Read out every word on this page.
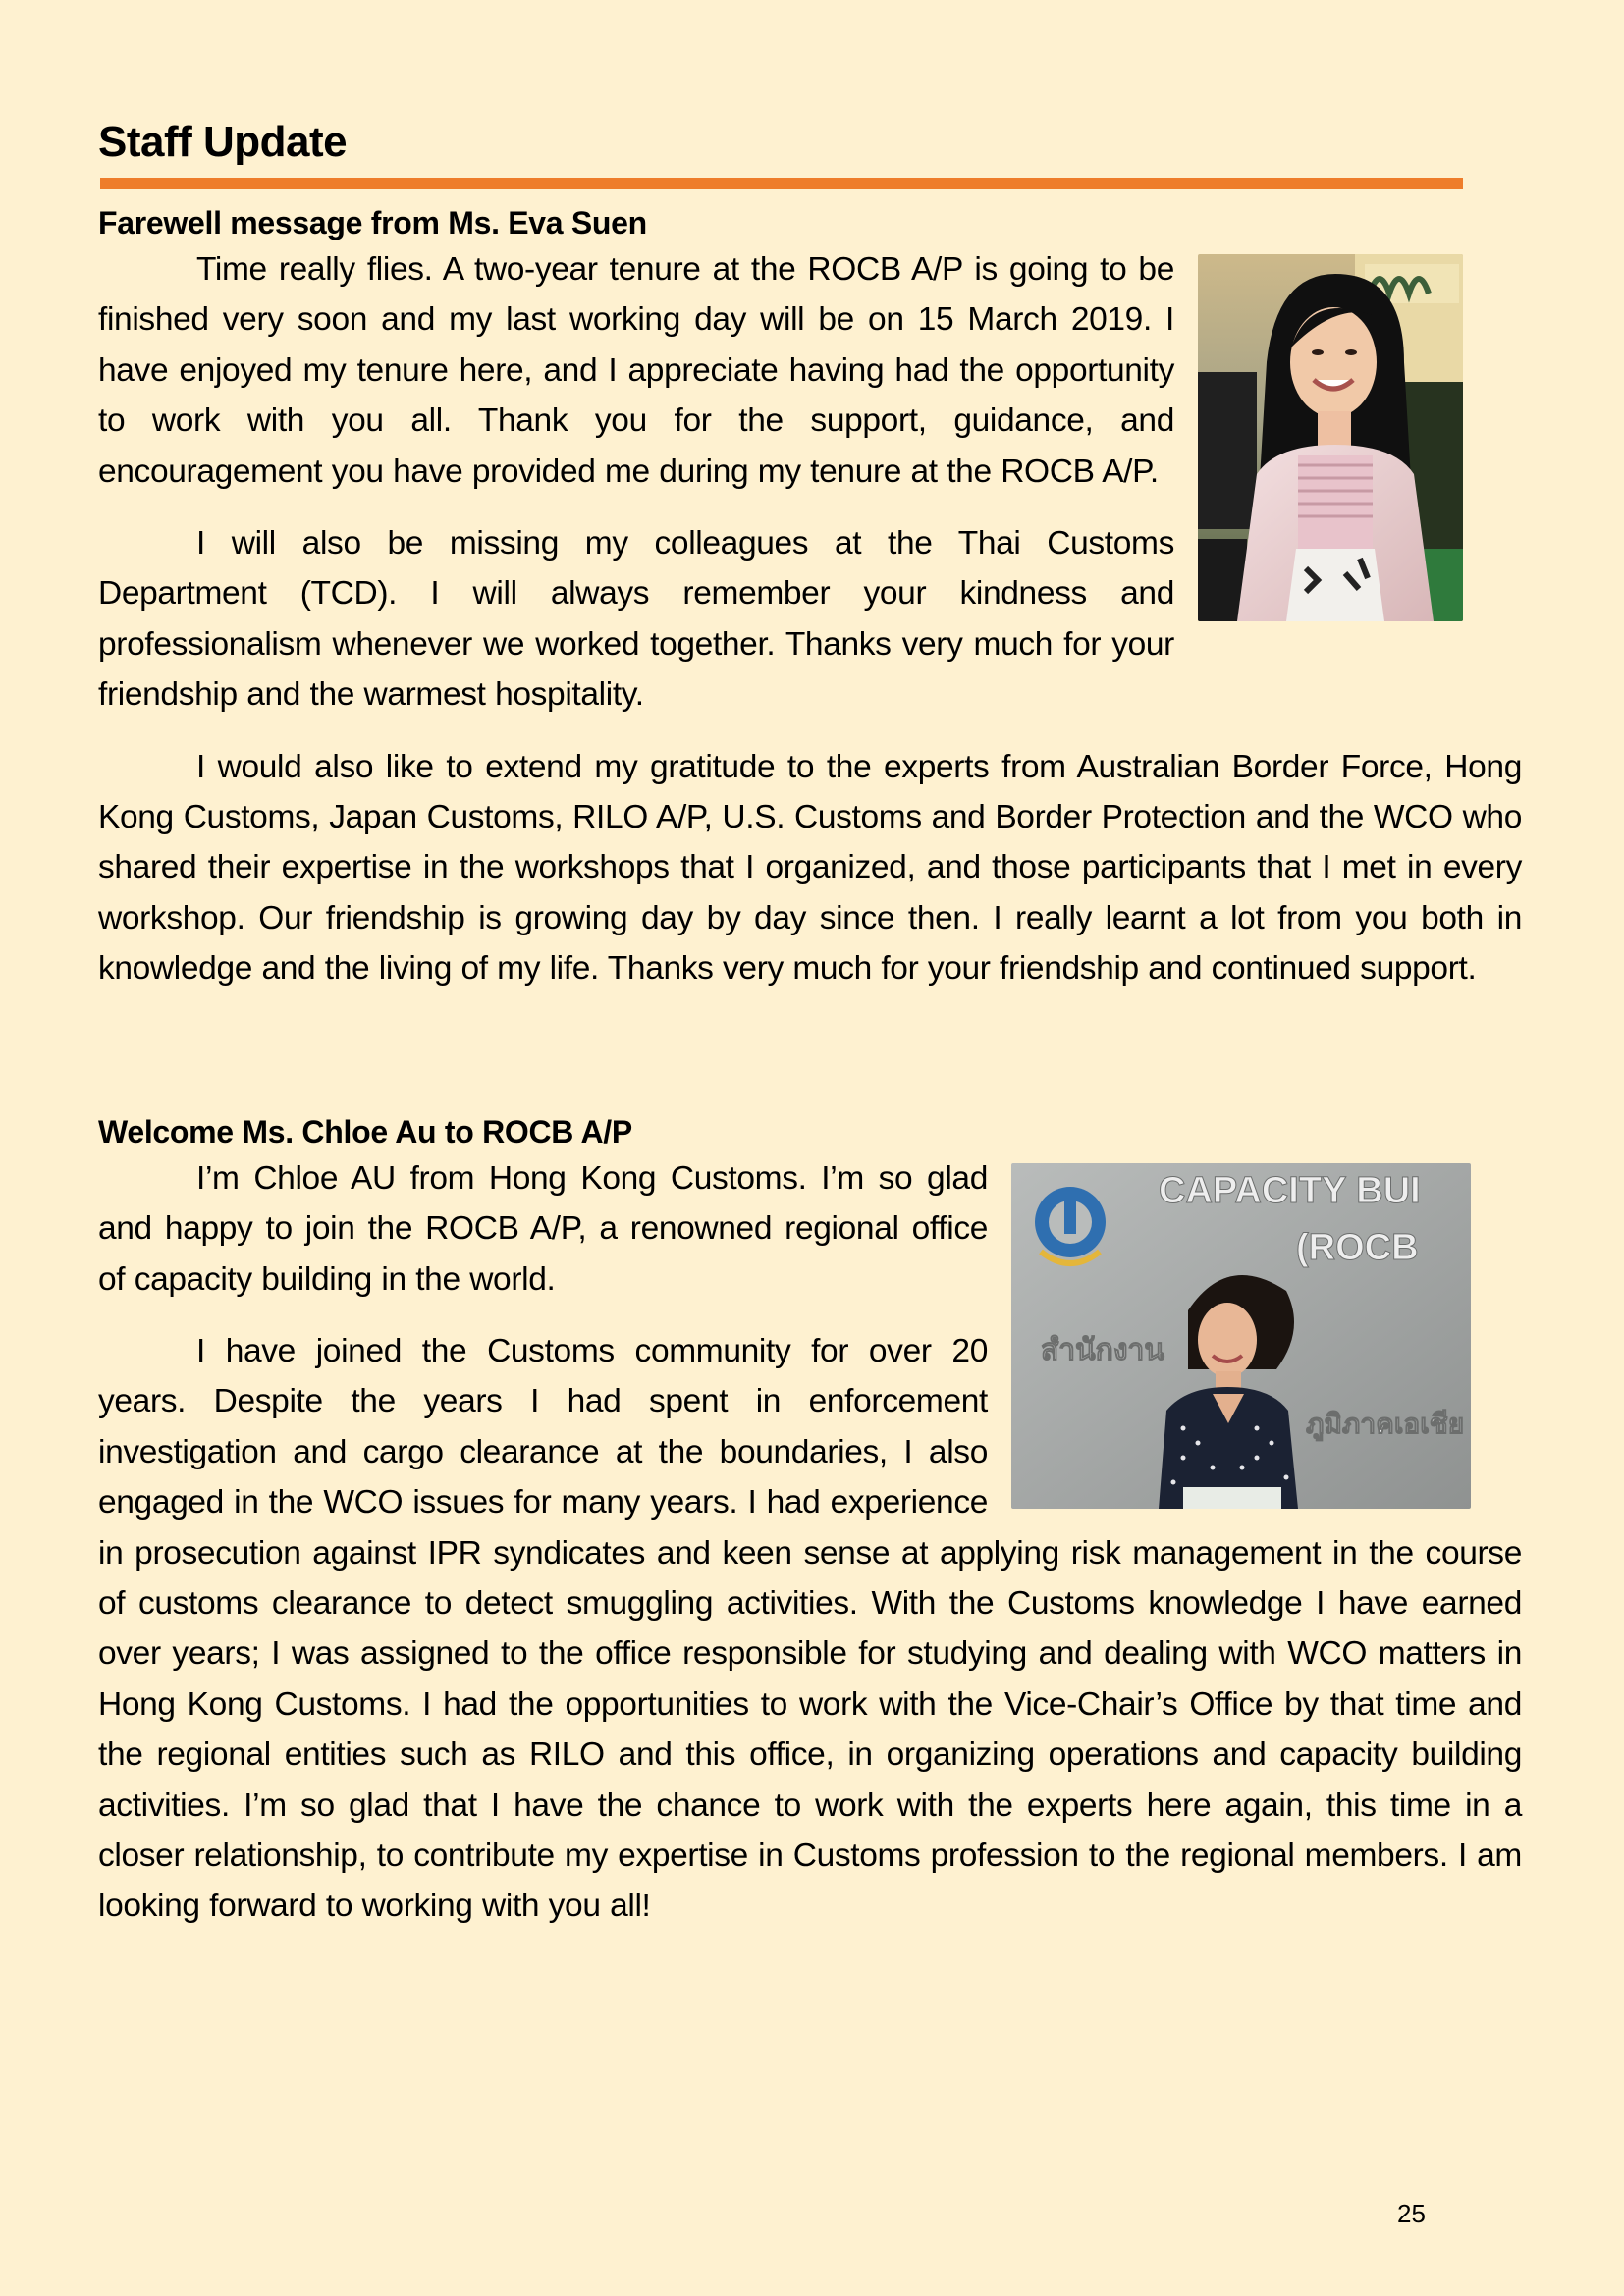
Staff Update
Farewell message from Ms. Eva Suen

Time really flies. A two-year tenure at the ROCB A/P is going to be finished very soon and my last working day will be on 15 March 2019. I have enjoyed my tenure here, and I appreciate having had the opportunity to work with you all. Thank you for the support, guidance, and encouragement you have provided me during my tenure at the ROCB A/P.

I will also be missing my colleagues at the Thai Customs Department (TCD). I will always remember your kindness and professionalism whenever we worked together. Thanks very much for your friendship and the warmest hospitality.

I would also like to extend my gratitude to the experts from Australian Border Force, Hong Kong Customs, Japan Customs, RILO A/P, U.S. Customs and Border Protection and the WCO who shared their expertise in the workshops that I organized, and those participants that I met in every workshop. Our friendship is growing day by day since then. I really learnt a lot from you both in knowledge and the living of my life. Thanks very much for your friendship and continued support.

Welcome Ms. Chloe Au to ROCB A/P
CAPACITY BUI
(ROCB
สำนักงาน
ภูมิภาคเอเชีย

I’m Chloe AU from Hong Kong Customs. I’m so glad and happy to join the ROCB A/P, a renowned regional office of capacity building in the world.

I have joined the Customs community for over 20 years. Despite the years I had spent in enforcement investigation and cargo clearance at the boundaries, I also engaged in the WCO issues for many years. I had experience in prosecution against IPR syndicates and keen sense at applying risk management in the course of customs clearance to detect smuggling activities. With the Customs knowledge I have earned over years; I was assigned to the office responsible for studying and dealing with WCO matters in Hong Kong Customs. I had the opportunities to work with the Vice-Chair’s Office by that time and the regional entities such as RILO and this office, in organizing operations and capacity building activities. I’m so glad that I have the chance to work with the experts here again, this time in a closer relationship, to contribute my expertise in Customs profession to the regional members. I am looking forward to working with you all!

25
